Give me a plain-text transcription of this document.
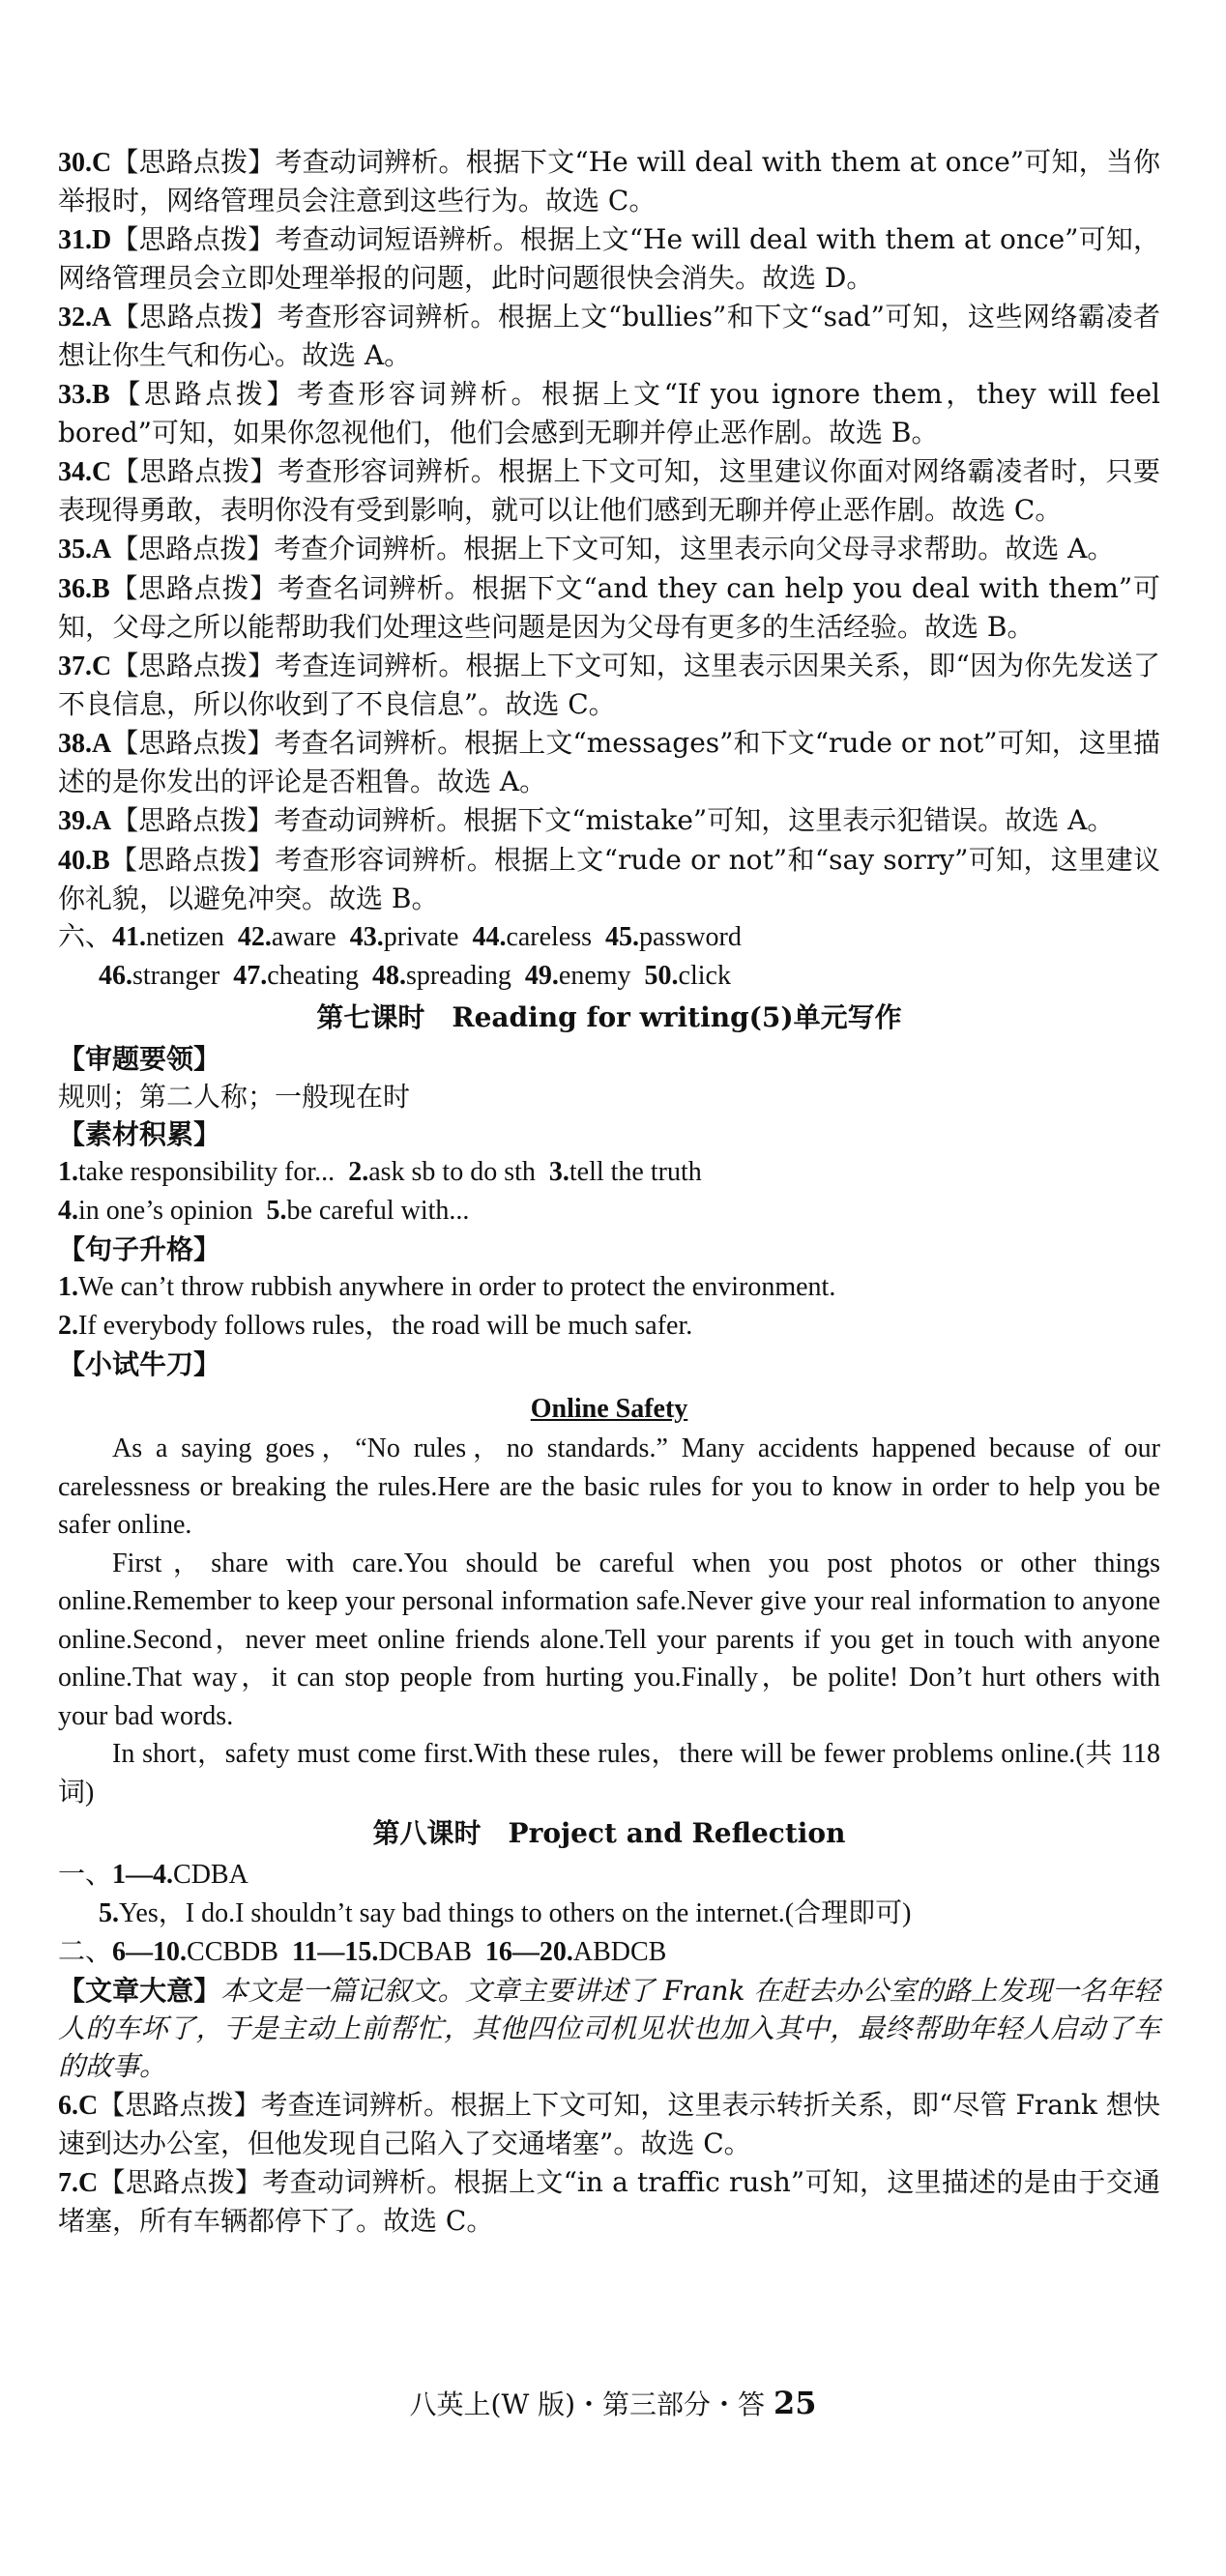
30.C【思路点拨】考查动词辨析。根据下文“He will deal with them at once”可知，当你举报时，网络管理员会注意到这些行为。故选 C。
31.D【思路点拨】考查动词短语辨析。根据上文“He will deal with them at once”可知，网络管理员会立即处理举报的问题，此时问题很快会消失。故选 D。
32.A【思路点拨】考查形容词辨析。根据上文“bullies”和下文“sad”可知，这些网络霸凌者想让你生气和伤心。故选 A。
33.B【思路点拨】考查形容词辨析。根据上文“If you ignore them，they will feel bored”可知，如果你忽视他们，他们会感到无聊并停止恶作剧。故选 B。
34.C【思路点拨】考查形容词辨析。根据上下文可知，这里建议你面对网络霸凌者时，只要表现得勇敢，表明你没有受到影响，就可以让他们感到无聊并停止恶作剧。故选 C。
35.A【思路点拨】考查介词辨析。根据上下文可知，这里表示向父母寻求帮助。故选 A。
36.B【思路点拨】考查名词辨析。根据下文“and they can help you deal with them”可知，父母之所以能帮助我们处理这些问题是因为父母有更多的生活经验。故选 B。
37.C【思路点拨】考查连词辨析。根据上下文可知，这里表示因果关系，即“因为你先发送了不良信息，所以你收到了不良信息”。故选 C。
38.A【思路点拨】考查名词辨析。根据上文“messages”和下文“rude or not”可知，这里描述的是你发出的评论是否粗鲁。故选 A。
39.A【思路点拨】考查动词辨析。根据下文“mistake”可知，这里表示犯错误。故选 A。
40.B【思路点拨】考查形容词辨析。根据上文“rude or not”和“say sorry”可知，这里建议你礼貌，以避免冲突。故选 B。
六、41.netizen 42.aware 43.private 44.careless 45.password
46.stranger 47.cheating 48.spreading 49.enemy 50.click
第七课时　Reading for writing(5)单元写作
【审题要领】
规则；第二人称；一般现在时
【素材积累】
1.take responsibility for... 2.ask sb to do sth 3.tell the truth
4.in one’s opinion 5.be careful with...
【句子升格】
1.We can’t throw rubbish anywhere in order to protect the environment.
2.If everybody follows rules，the road will be much safer.
【小试牛刀】
Online Safety
As a saying goes，“No rules，no standards.” Many accidents happened because of our carelessness or breaking the rules.Here are the basic rules for you to know in order to help you be safer online.
First，share with care.You should be careful when you post photos or other things online.Remember to keep your personal information safe.Never give your real information to anyone online.Second，never meet online friends alone.Tell your parents if you get in touch with anyone online.That way，it can stop people from hurting you.Finally，be polite! Don’t hurt others with your bad words.
In short，safety must come first.With these rules，there will be fewer problems online.(共 118 词)
第八课时　Project and Reflection
一、1—4.CDBA
5.Yes，I do.I shouldn’t say bad things to others on the internet.(合理即可)
二、6—10.CCBDB 11—15.DCBAB 16—20.ABDCB
【文章大意】本文是一篇记叙文。文章主要讲述了 Frank 在赶去办公室的路上发现一名年轻人的车坏了，于是主动上前帮忙，其他四位司机见状也加入其中，最终帮助年轻人启动了车的故事。
6.C【思路点拨】考查连词辨析。根据上下文可知，这里表示转折关系，即“尽管 Frank 想快速到达办公室，但他发现自己陷入了交通堵塞”。故选 C。
7.C【思路点拨】考查动词辨析。根据上文“in a traffic rush”可知，这里描述的是由于交通堵塞，所有车辆都停下了。故选 C。
八英上(W 版)・第三部分・答 25
